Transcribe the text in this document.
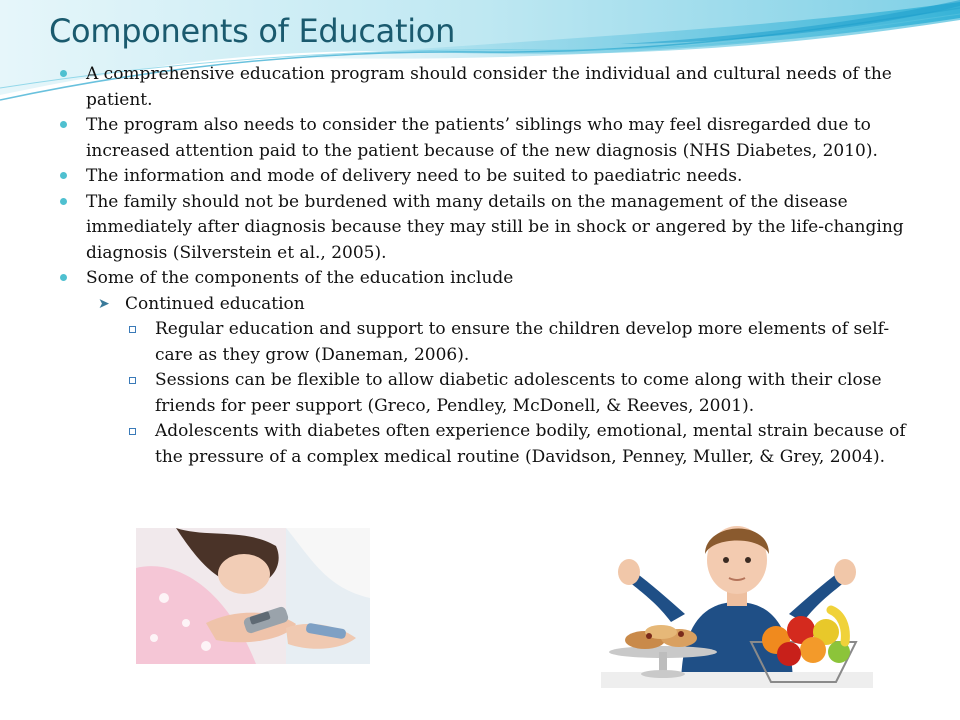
Components of Education
A comprehensive education program should consider the individual and cultural needs of the patient.
The program also needs to consider the patients’ siblings who may feel disregarded due to increased attention paid to the patient because of the new diagnosis (NHS Diabetes, 2010).
The information and mode of delivery need to be suited to paediatric needs.
The family should not be burdened with many details on the management of the disease immediately after diagnosis because they may still be in shock or angered by the life-changing diagnosis (Silverstein et al., 2005).
Some of the components of the education include
➤ Continued education
Regular education and support to ensure the children develop more elements of self-care as they grow (Daneman, 2006).
Sessions can be flexible to allow diabetic adolescents to come along with their close friends for peer support (Greco, Pendley, McDonell, & Reeves, 2001).
Adolescents with diabetes often experience bodily, emotional, mental strain because of the pressure of a complex medical routine (Davidson, Penney, Muller, & Grey, 2004).
